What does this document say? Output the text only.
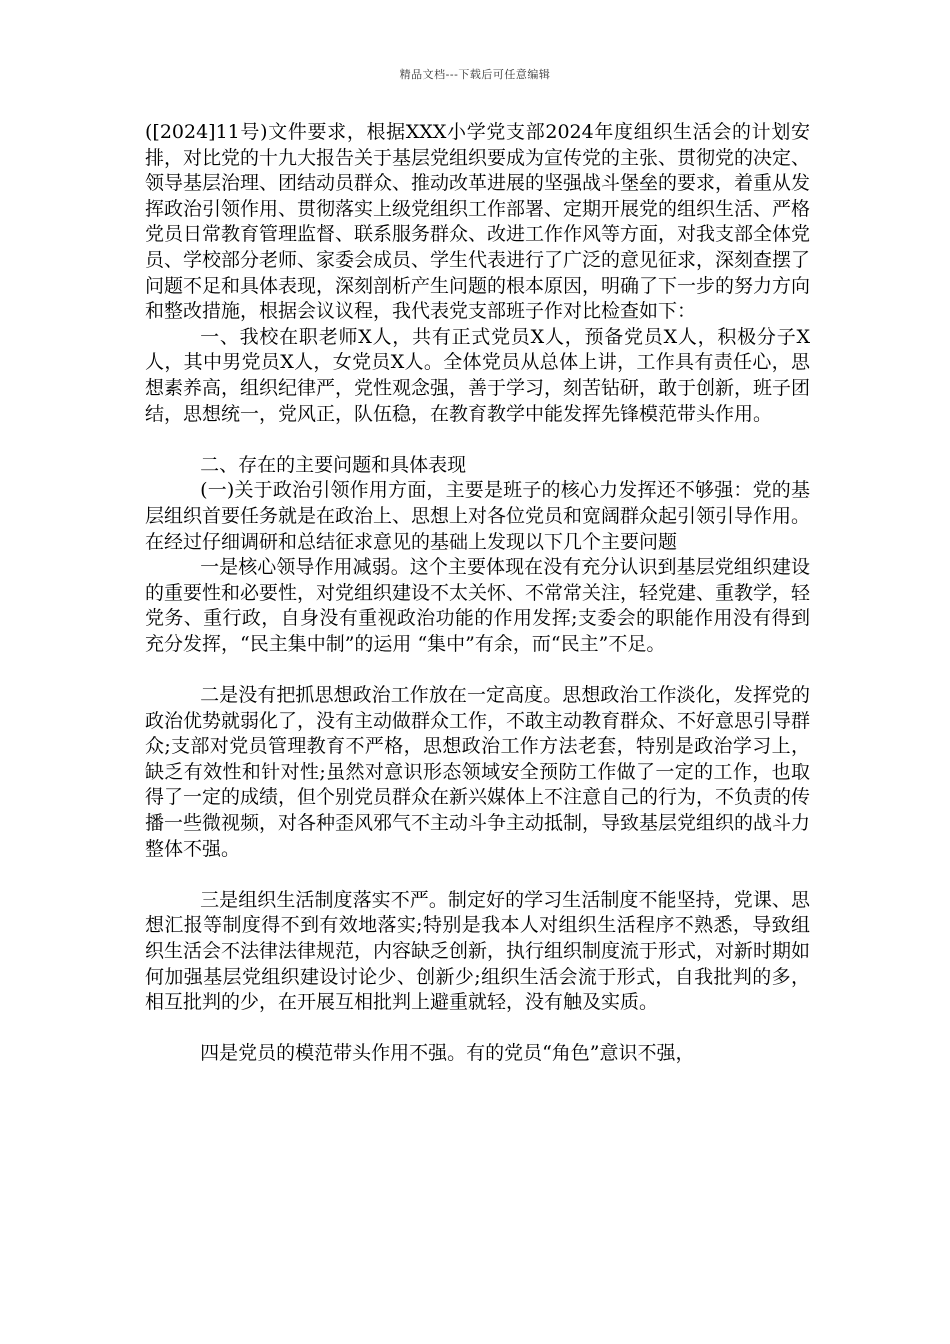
精品文档---下载后可任意编辑

([2024]11号)文件要求，根据XXX小学党支部2024年度组织生活会的计划安排，对比党的十九大报告关于基层党组织要成为宣传党的主张、贯彻党的决定、领导基层治理、团结动员群众、推动改革进展的坚强战斗堡垒的要求，着重从发挥政治引领作用、贯彻落实上级党组织工作部署、定期开展党的组织生活、严格党员日常教育管理监督、联系服务群众、改进工作作风等方面，对我支部全体党员、学校部分老师、家委会成员、学生代表进行了广泛的意见征求，深刻查摆了问题不足和具体表现，深刻剖析产生问题的根本原因，明确了下一步的努力方向和整改措施，根据会议议程，我代表党支部班子作对比检查如下：

一、我校在职老师X人，共有正式党员X人，预备党员X人，积极分子X人，其中男党员X人，女党员X人。全体党员从总体上讲，工作具有责任心，思想素养高，组织纪律严，党性观念强，善于学习，刻苦钻研，敢于创新，班子团结，思想统一，党风正，队伍稳，在教育教学中能发挥先锋模范带头作用。

二、存在的主要问题和具体表现

(一)关于政治引领作用方面，主要是班子的核心力发挥还不够强：党的基层组织首要任务就是在政治上、思想上对各位党员和宽阔群众起引领引导作用。在经过仔细调研和总结征求意见的基础上发现以下几个主要问题

一是核心领导作用减弱。这个主要体现在没有充分认识到基层党组织建设的重要性和必要性，对党组织建设不太关怀、不常常关注，轻党建、重教学，轻党务、重行政，自身没有重视政治功能的作用发挥;支委会的职能作用没有得到充分发挥，“民主集中制”的运用 “集中”有余，而“民主”不足。

二是没有把抓思想政治工作放在一定高度。思想政治工作淡化，发挥党的政治优势就弱化了，没有主动做群众工作，不敢主动教育群众、不好意思引导群众;支部对党员管理教育不严格，思想政治工作方法老套，特别是政治学习上，缺乏有效性和针对性;虽然对意识形态领域安全预防工作做了一定的工作，也取得了一定的成绩，但个别党员群众在新兴媒体上不注意自己的行为，不负责的传播一些微视频，对各种歪风邪气不主动斗争主动抵制，导致基层党组织的战斗力整体不强。

三是组织生活制度落实不严。制定好的学习生活制度不能坚持，党课、思想汇报等制度得不到有效地落实;特别是我本人对组织生活程序不熟悉，导致组织生活会不法律法律规范，内容缺乏创新，执行组织制度流于形式，对新时期如何加强基层党组织建设讨论少、创新少;组织生活会流于形式，自我批判的多，相互批判的少，在开展互相批判上避重就轻，没有触及实质。

四是党员的模范带头作用不强。有的党员“角色”意识不强，
